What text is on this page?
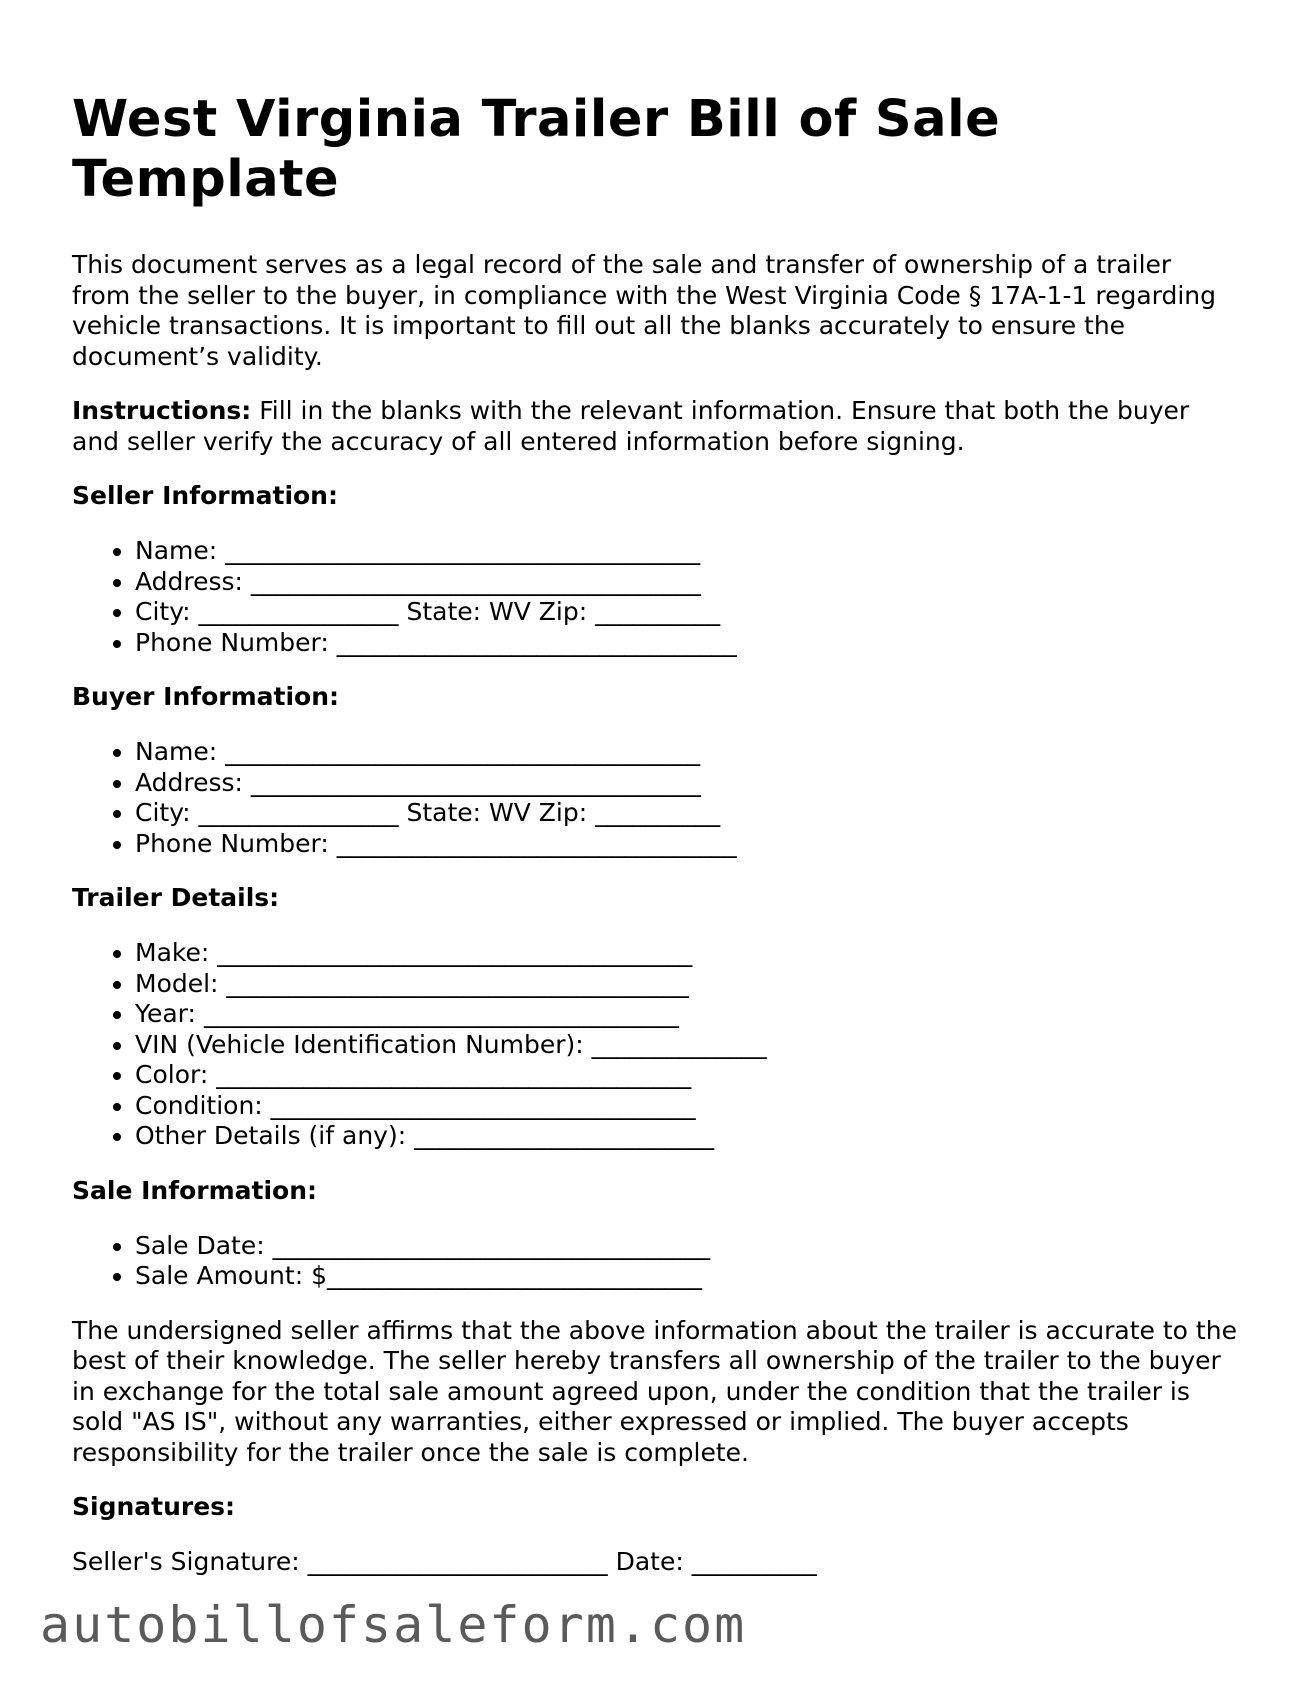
West Virginia Trailer Bill of Sale Template

This document serves as a legal record of the sale and transfer of ownership of a trailer from the seller to the buyer, in compliance with the West Virginia Code § 17A-1-1 regarding vehicle transactions. It is important to fill out all the blanks accurately to ensure the document’s validity.

Instructions: Fill in the blanks with the relevant information. Ensure that both the buyer and seller verify the accuracy of all entered information before signing.

Seller Information:
• Name: ______________________________________
• Address: ____________________________________
• City: ________________ State: WV Zip: __________
• Phone Number: ________________________________
Buyer Information:
• Name: ______________________________________
• Address: ____________________________________
• City: ________________ State: WV Zip: __________
• Phone Number: ________________________________
Trailer Details:
• Make: ______________________________________
• Model: _____________________________________
• Year: ______________________________________
• VIN (Vehicle Identification Number): ______________
• Color: ______________________________________
• Condition: __________________________________
• Other Details (if any): ________________________
Sale Information:
• Sale Date: ___________________________________
• Sale Amount: $______________________________

The undersigned seller affirms that the above information about the trailer is accurate to the best of their knowledge. The seller hereby transfers all ownership of the trailer to the buyer in exchange for the total sale amount agreed upon, under the condition that the trailer is sold "AS IS", without any warranties, either expressed or implied. The buyer accepts responsibility for the trailer once the sale is complete.

Signatures:
Seller's Signature: ________________________ Date: __________
autobillofsaleform.com
